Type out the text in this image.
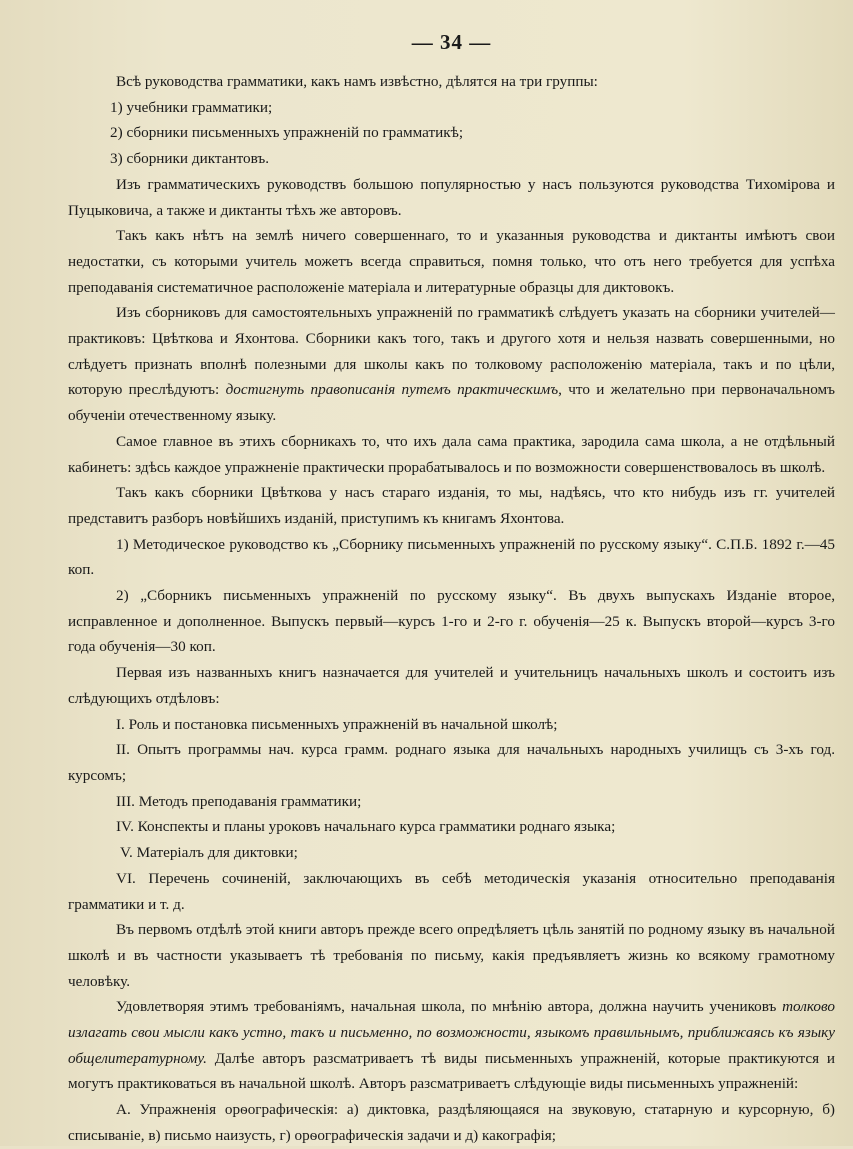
— 34 —

Всѣ руководства грамматики, какъ намъ извѣстно, дѣлятся на три группы:

1) учебники грамматики;

2) сборники письменныхъ упражненій по грамматикѣ;

3) сборники диктантовъ.

Изъ грамматическихъ руководствъ большою популярностью у насъ пользуются руководства Тихомірова и Пуцыковича, а также и диктанты тѣхъ же авторовъ.

Такъ какъ нѣтъ на землѣ ничего совершеннаго, то и указанныя руководства и диктанты имѣютъ свои недостатки, съ которыми учитель можетъ всегда справиться, помня только, что отъ него требуется для успѣха преподаванія систематичное расположеніе матеріала и литературные образцы для диктовокъ.

Изъ сборниковъ для самостоятельныхъ упражненій по грамматикѣ слѣдуетъ указать на сборники учителей—практиковъ: Цвѣткова и Яхонтова. Сборники какъ того, такъ и другого хотя и нельзя назвать совершенными, но слѣдуетъ признать вполнѣ полезными для школы какъ по толковому расположенію матеріала, такъ и по цѣли, которую преслѣдуютъ: достигнуть правописанія путемъ практическимъ, что и желательно при первоначальномъ обученіи отечественному языку.

Самое главное въ этихъ сборникахъ то, что ихъ дала сама практика, зародила сама школа, а не отдѣльный кабинетъ: здѣсь каждое упражненіе практически прорабатывалось и по возможности совершенствовалось въ школѣ.

Такъ какъ сборники Цвѣткова у насъ стараго изданія, то мы, надѣясь, что кто нибудь изъ гг. учителей представитъ разборъ новѣйшихъ изданій, приступимъ къ книгамъ Яхонтова.

1) Методическое руководство къ „Сборнику письменныхъ упражненій по русскому языку“. С.П.Б. 1892 г.—45 коп.

2) „Сборникъ письменныхъ упражненій по русскому языку“. Въ двухъ выпускахъ Изданіе второе, исправленное и дополненное. Выпускъ первый—курсъ 1-го и 2-го г. обученія—25 к. Выпускъ второй—курсъ 3-го года обученія—30 коп.

Первая изъ названныхъ книгъ назначается для учителей и учительницъ начальныхъ школъ и состоитъ изъ слѣдующихъ отдѣловъ:

I. Роль и постановка письменныхъ упражненій въ начальной школѣ;

II. Опытъ программы нач. курса грамм. роднаго языка для начальныхъ народныхъ училищъ съ 3-хъ год. курсомъ;

III. Методъ преподаванія грамматики;

IV. Конспекты и планы уроковъ начальнаго курса грамматики роднаго языка;

V. Матеріалъ для диктовки;

VI. Перечень сочиненій, заключающихъ въ себѣ методическія указанія относительно преподаванія грамматики и т. д.

Въ первомъ отдѣлѣ этой книги авторъ прежде всего опредѣляетъ цѣль занятій по родному языку въ начальной школѣ и въ частности указываетъ тѣ требованія по письму, какія предъявляетъ жизнь ко всякому грамотному человѣку.

Удовлетворяя этимъ требованіямъ, начальная школа, по мнѣнію автора, должна научить учениковъ толково излагать свои мысли какъ устно, такъ и письменно, по возможности, языкомъ правильнымъ, приближаясь къ языку общелитературному. Далѣе авторъ разсматриваетъ тѣ виды письменныхъ упражненій, которые практикуются и могутъ практиковаться въ начальной школѣ. Авторъ разсматриваетъ слѣдующіе виды письменныхъ упражненій:

А. Упражненія орѳографическія: а) диктовка, раздѣляющаяся на звуковую, статарную и курсорную, б) списываніе, в) письмо наизусть, г) орѳографическія задачи и д) какографія;
